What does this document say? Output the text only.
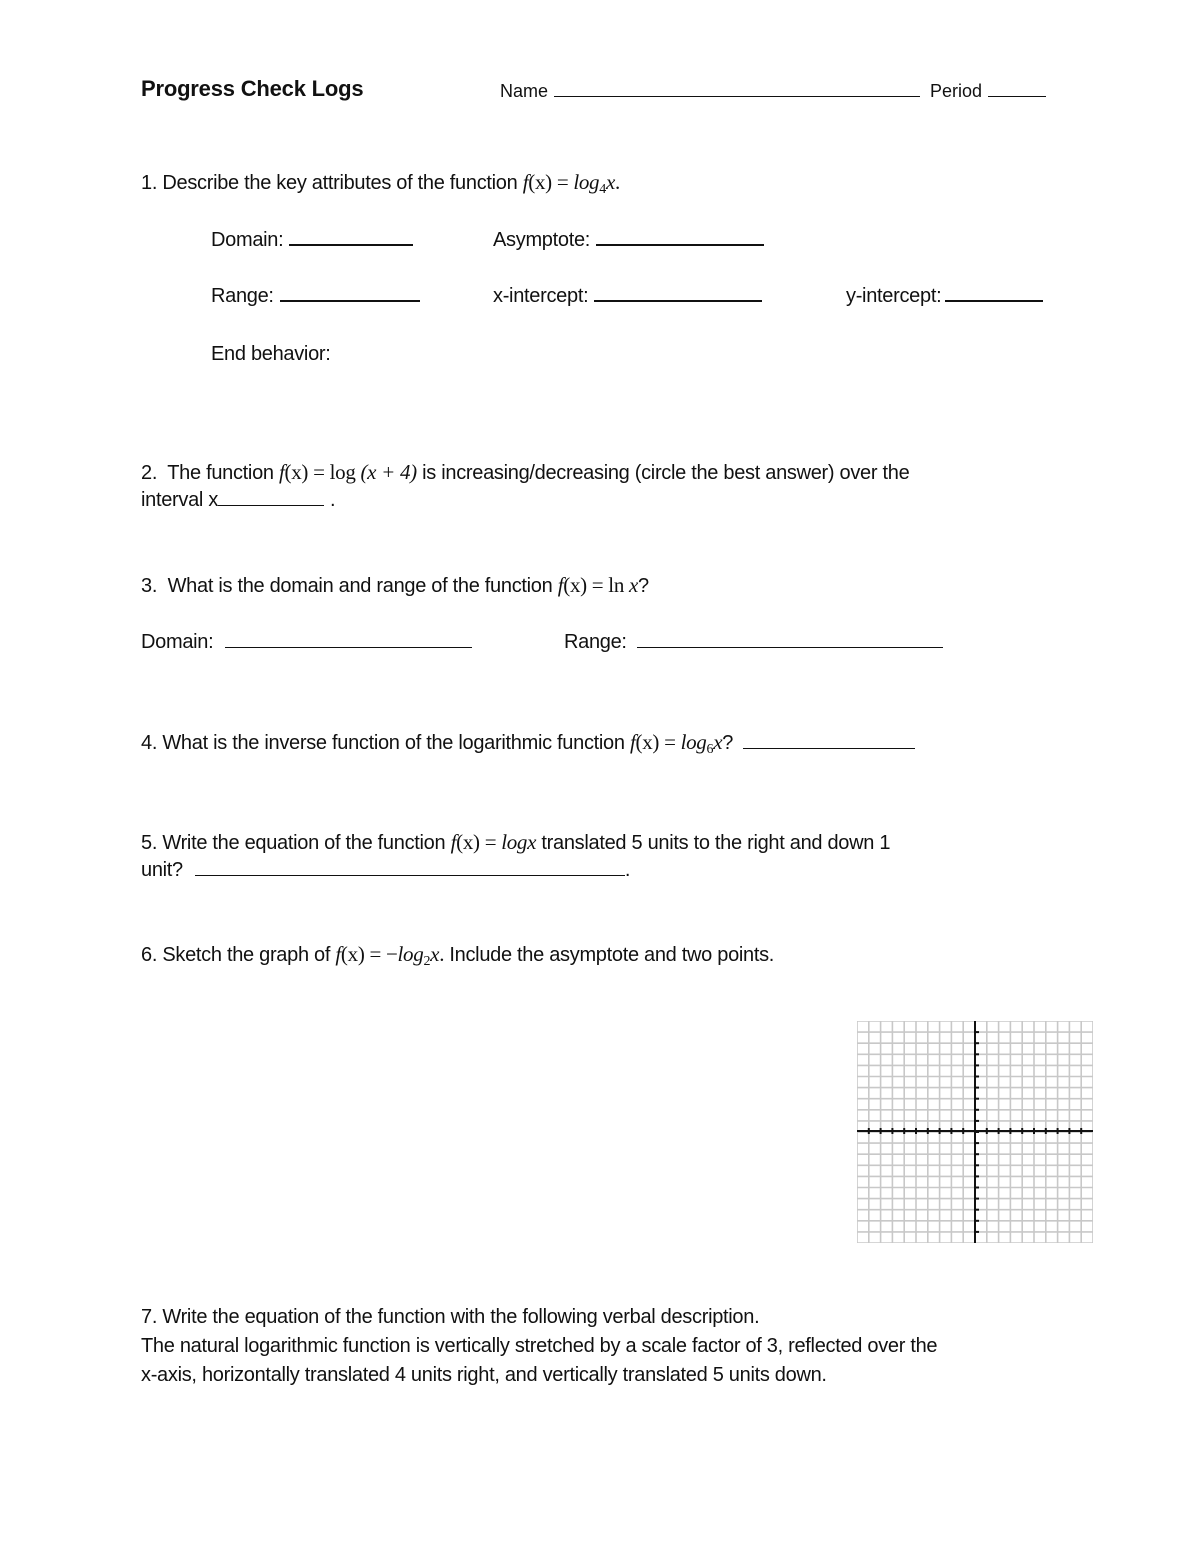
Progress Check Logs	Name	Period
1. Describe the key attributes of the function $f(x) = \log_4x$.
Domain:	Asymptote:
Range:	x-intercept:	y-intercept:
End behavior:
2. The function f(x) = log (x + 4) is increasing/decreasing (circle the best answer) over the
interval x	.
3. What is the domain and range of the function f(x) = ln x?
Domain:	Range:
4.
What is the inverse function of the logarithmic function
$f(x) = \log_6x$ ?
5. Write the equation of the function f(x) = logx translated 5 units to the right and down 1
unit?	.
6. Sketch the graph of $f(x) = -\log_2x$. Include the asymptote and two points.
7. Write the equation of the function with the following verbal description.
The natural logarithmic function is vertically stretched by a scale factor of 3, reflected over the
x-axis, horizontally translated 4 units right, and vertically translated 5 units down.
